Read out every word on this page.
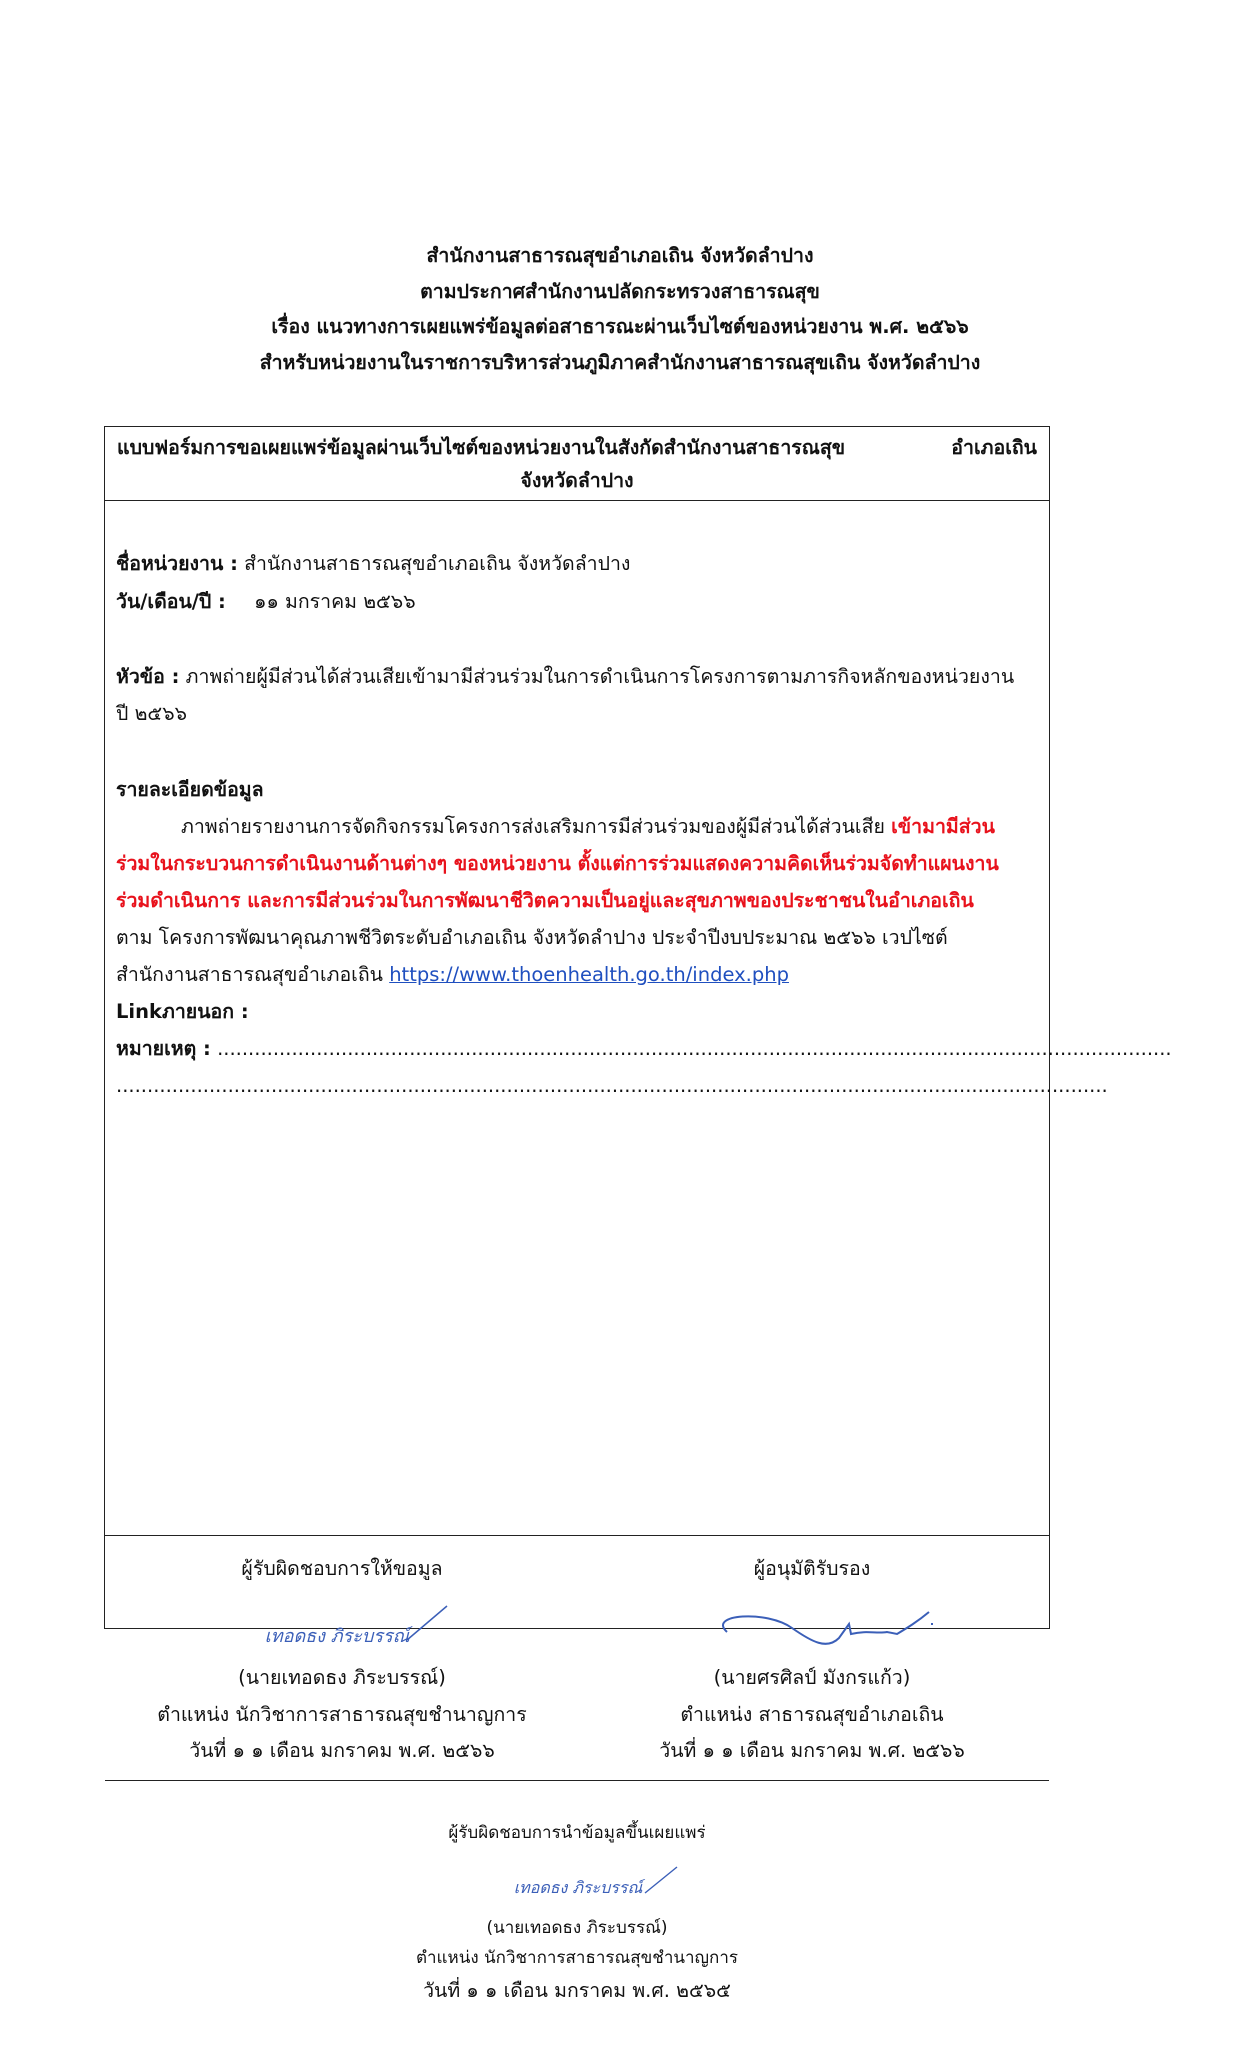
สำนักงานสาธารณสุขอำเภอเถิน จังหวัดลำปาง
ตามประกาศสำนักงานปลัดกระทรวงสาธารณสุข
เรื่อง แนวทางการเผยแพร่ข้อมูลต่อสาธารณะผ่านเว็บไซต์ของหน่วยงาน พ.ศ. ๒๕๖๖
สำหรับหน่วยงานในราชการบริหารส่วนภูมิภาคสำนักงานสาธารณสุขเถิน จังหวัดลำปาง
แบบฟอร์มการขอเผยแพร่ข้อมูลผ่านเว็บไซต์ของหน่วยงานในสังกัดสำนักงานสาธารณสุข	อำเภอเถิน
จังหวัดลำปาง
ชื่อหน่วยงาน : สำนักงานสาธารณสุขอำเภอเถิน จังหวัดลำปาง
วัน/เดือน/ปี : ๑๑ มกราคม ๒๕๖๖
หัวข้อ : ภาพถ่ายผู้มีส่วนได้ส่วนเสียเข้ามามีส่วนร่วมในการดำเนินการโครงการตามภารกิจหลักของหน่วยงาน
ปี ๒๕๖๖
รายละเอียดข้อมูล
ภาพถ่ายรายงานการจัดกิจกรรมโครงการส่งเสริมการมีส่วนร่วมของผู้มีส่วนได้ส่วนเสีย เข้ามามีส่วน
ร่วมในกระบวนการดำเนินงานด้านต่างๆ ของหน่วยงาน ตั้งแต่การร่วมแสดงความคิดเห็นร่วมจัดทำแผนงาน
ร่วมดำเนินการ และการมีส่วนร่วมในการพัฒนาชีวิตความเป็นอยู่และสุขภาพของประชาชนในอำเภอเถิน
ตาม โครงการพัฒนาคุณภาพชีวิตระดับอำเภอเถิน จังหวัดลำปาง ประจำปีงบประมาณ ๒๕๖๖ เวปไซต์
สำนักงานสาธารณสุขอำเภอเถิน https://www.thoenhealth.go.th/index.php
Linkภายนอก :
หมายเหตุ : ..........................................................................................................................................................
................................................................................................................................................................
ผู้รับผิดชอบการให้ขอมูล
เทอดธง ภิระบรรณ์
(นายเทอดธง ภิระบรรณ์)
ตำแหน่ง นักวิชาการสาธารณสุขชำนาญการ
วันที่ ๑ ๑ เดือน มกราคม พ.ศ. ๒๕๖๖
ผู้อนุมัติรับรอง
(นายศรศิลป์ มังกรแก้ว)
ตำแหน่ง สาธารณสุขอำเภอเถิน
วันที่ ๑ ๑ เดือน มกราคม พ.ศ. ๒๕๖๖
ผู้รับผิดชอบการนำข้อมูลขึ้นเผยแพร่
เทอดธง ภิระบรรณ์
(นายเทอดธง ภิระบรรณ์)
ตำแหน่ง นักวิชาการสาธารณสุขชำนาญการ
วันที่ ๑ ๑ เดือน มกราคม พ.ศ. ๒๕๖๕
